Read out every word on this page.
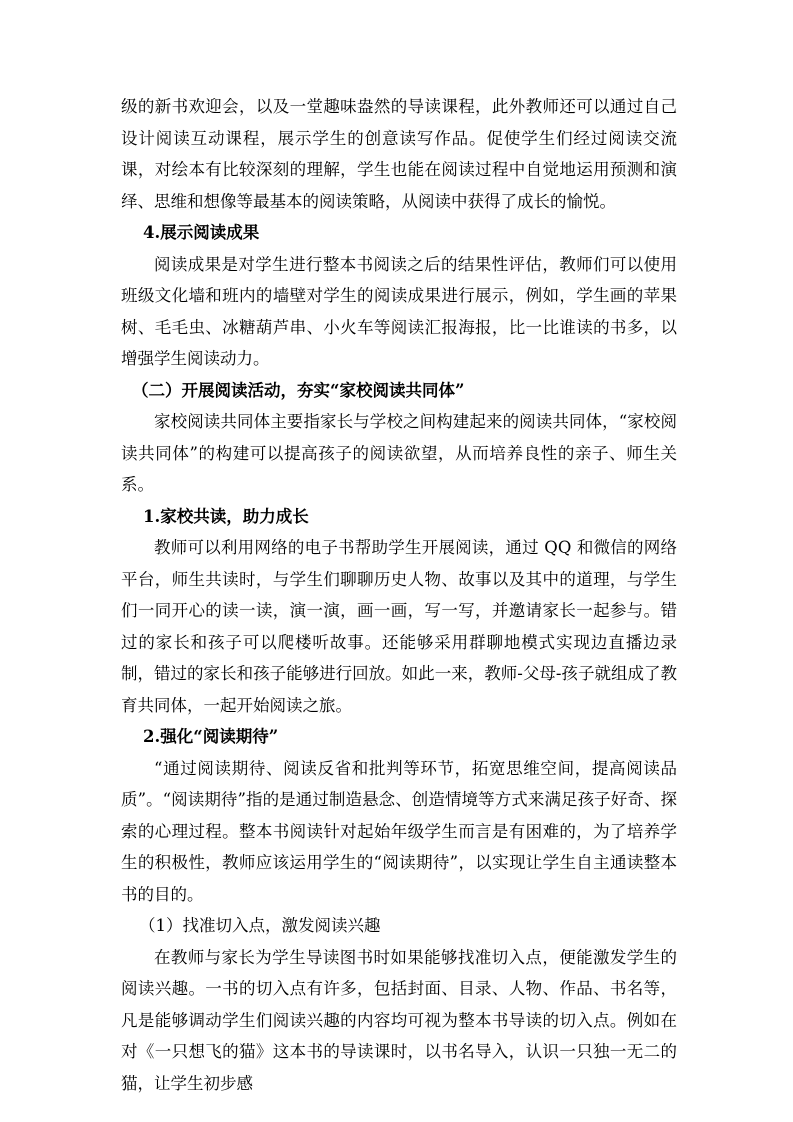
级的新书欢迎会，以及一堂趣味盎然的导读课程，此外教师还可以通过自己设计阅读互动课程，展示学生的创意读写作品。促使学生们经过阅读交流课，对绘本有比较深刻的理解，学生也能在阅读过程中自觉地运用预测和演绎、思维和想像等最基本的阅读策略，从阅读中获得了成长的愉悦。

4.展示阅读成果

阅读成果是对学生进行整本书阅读之后的结果性评估，教师们可以使用班级文化墙和班内的墙壁对学生的阅读成果进行展示，例如，学生画的苹果树、毛毛虫、冰糖葫芦串、小火车等阅读汇报海报，比一比谁读的书多，以增强学生阅读动力。

（二）开展阅读活动，夯实“家校阅读共同体”

家校阅读共同体主要指家长与学校之间构建起来的阅读共同体，“家校阅读共同体”的构建可以提高孩子的阅读欲望，从而培养良性的亲子、师生关系。

1.家校共读，助力成长

教师可以利用网络的电子书帮助学生开展阅读，通过 QQ 和微信的网络平台，师生共读时，与学生们聊聊历史人物、故事以及其中的道理，与学生们一同开心的读一读，演一演，画一画，写一写，并邀请家长一起参与。错过的家长和孩子可以爬楼听故事。还能够采用群聊地模式实现边直播边录制，错过的家长和孩子能够进行回放。如此一来，教师-父母-孩子就组成了教育共同体，一起开始阅读之旅。

2.强化“阅读期待”

“通过阅读期待、阅读反省和批判等环节，拓宽思维空间，提高阅读品质”。“阅读期待”指的是通过制造悬念、创造情境等方式来满足孩子好奇、探索的心理过程。整本书阅读针对起始年级学生而言是有困难的，为了培养学生的积极性，教师应该运用学生的“阅读期待”，以实现让学生自主通读整本书的目的。

（1）找准切入点，激发阅读兴趣

在教师与家长为学生导读图书时如果能够找准切入点，便能激发学生的阅读兴趣。一书的切入点有许多，包括封面、目录、人物、作品、书名等，凡是能够调动学生们阅读兴趣的内容均可视为整本书导读的切入点。例如在对《一只想飞的猫》这本书的导读课时，以书名导入，认识一只独一无二的猫，让学生初步感
